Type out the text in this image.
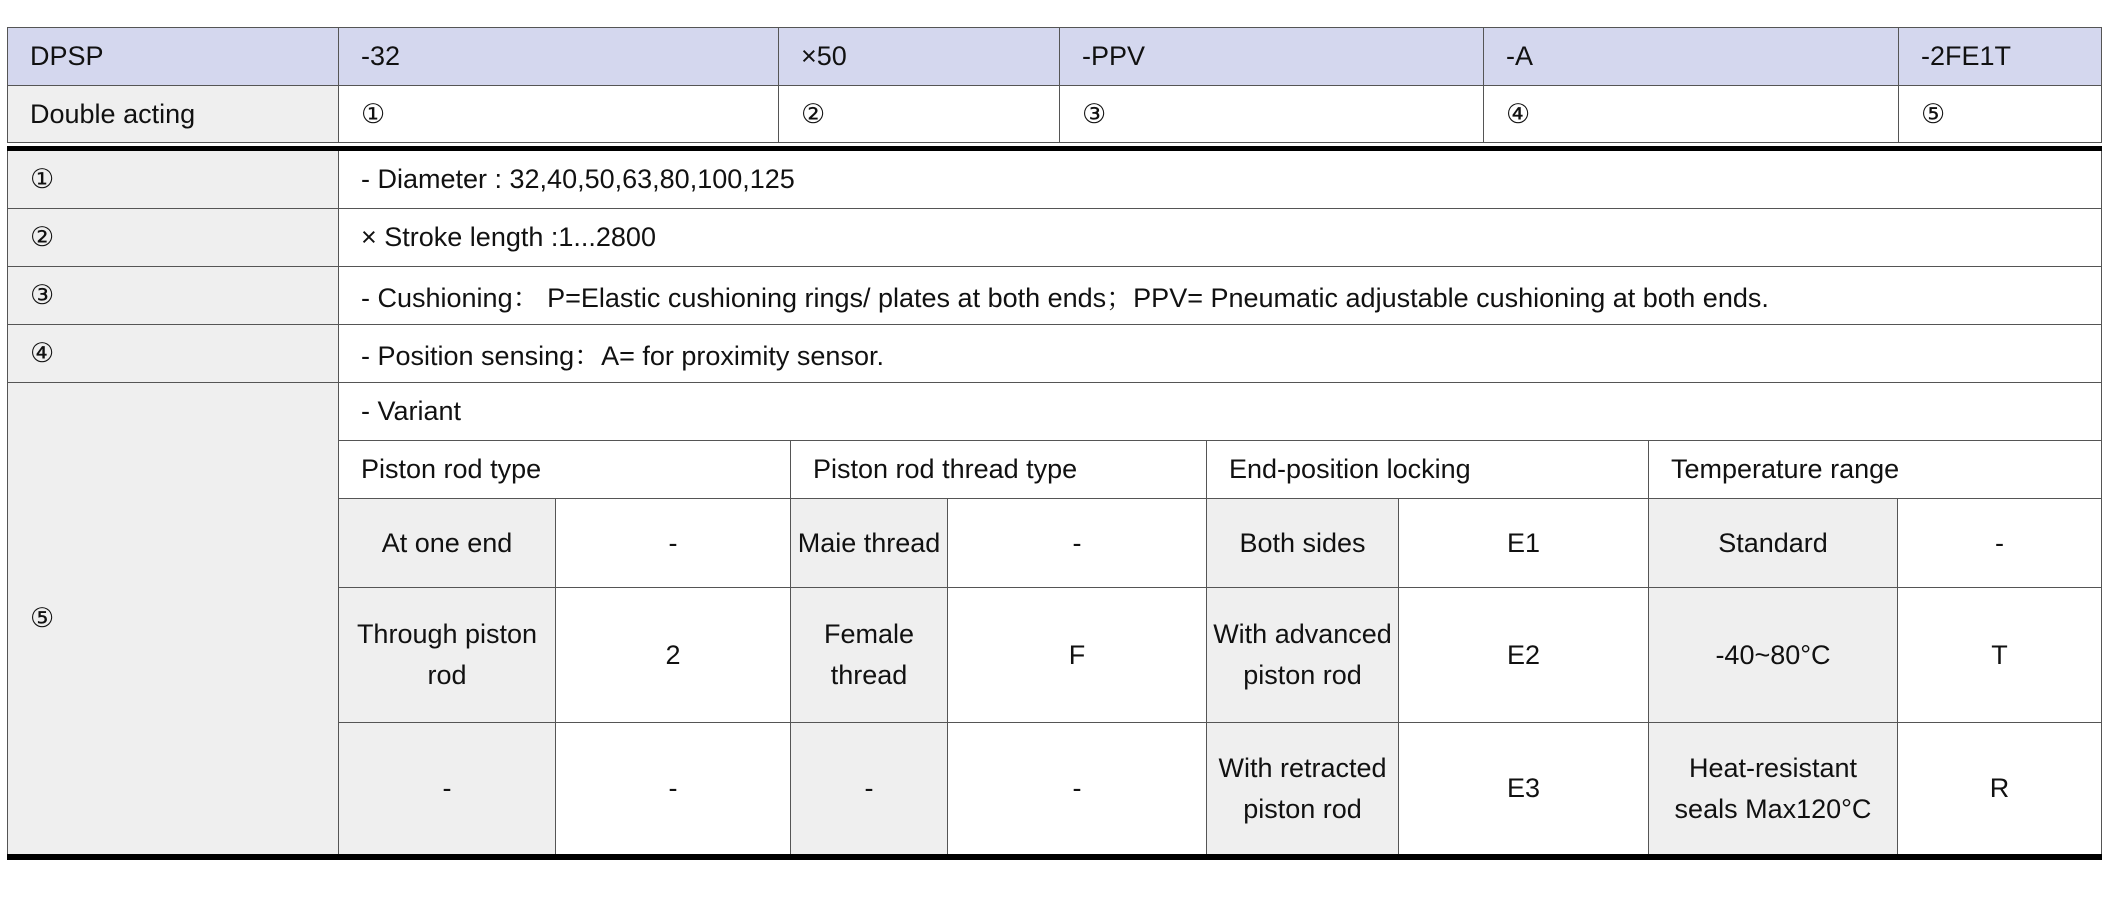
DPSP	-32	×50	-PPV	-A	-2FE1T
Double acting	①	②	③	④	⑤
①	- Diameter : 32,40,50,63,80,100,125							
②	× Stroke length :1...2800							
③	- Cushioning： P=Elastic cushioning rings/ plates at both ends；PPV= Pneumatic adjustable cushioning at both ends.							
④	- Position sensing：A= for proximity sensor.							
⑤	- Variant							
	Piston rod type		Piston rod thread type		End-position locking		Temperature range	
	At one end	-	Maie thread	-	Both sides	E1	Standard	-
	Through piston rod	2	Female thread	F	With advanced piston rod	E2	-40~80°C	T
	-	-	-	-	With retracted piston rod	E3	Heat-resistant seals Max120°C	R
